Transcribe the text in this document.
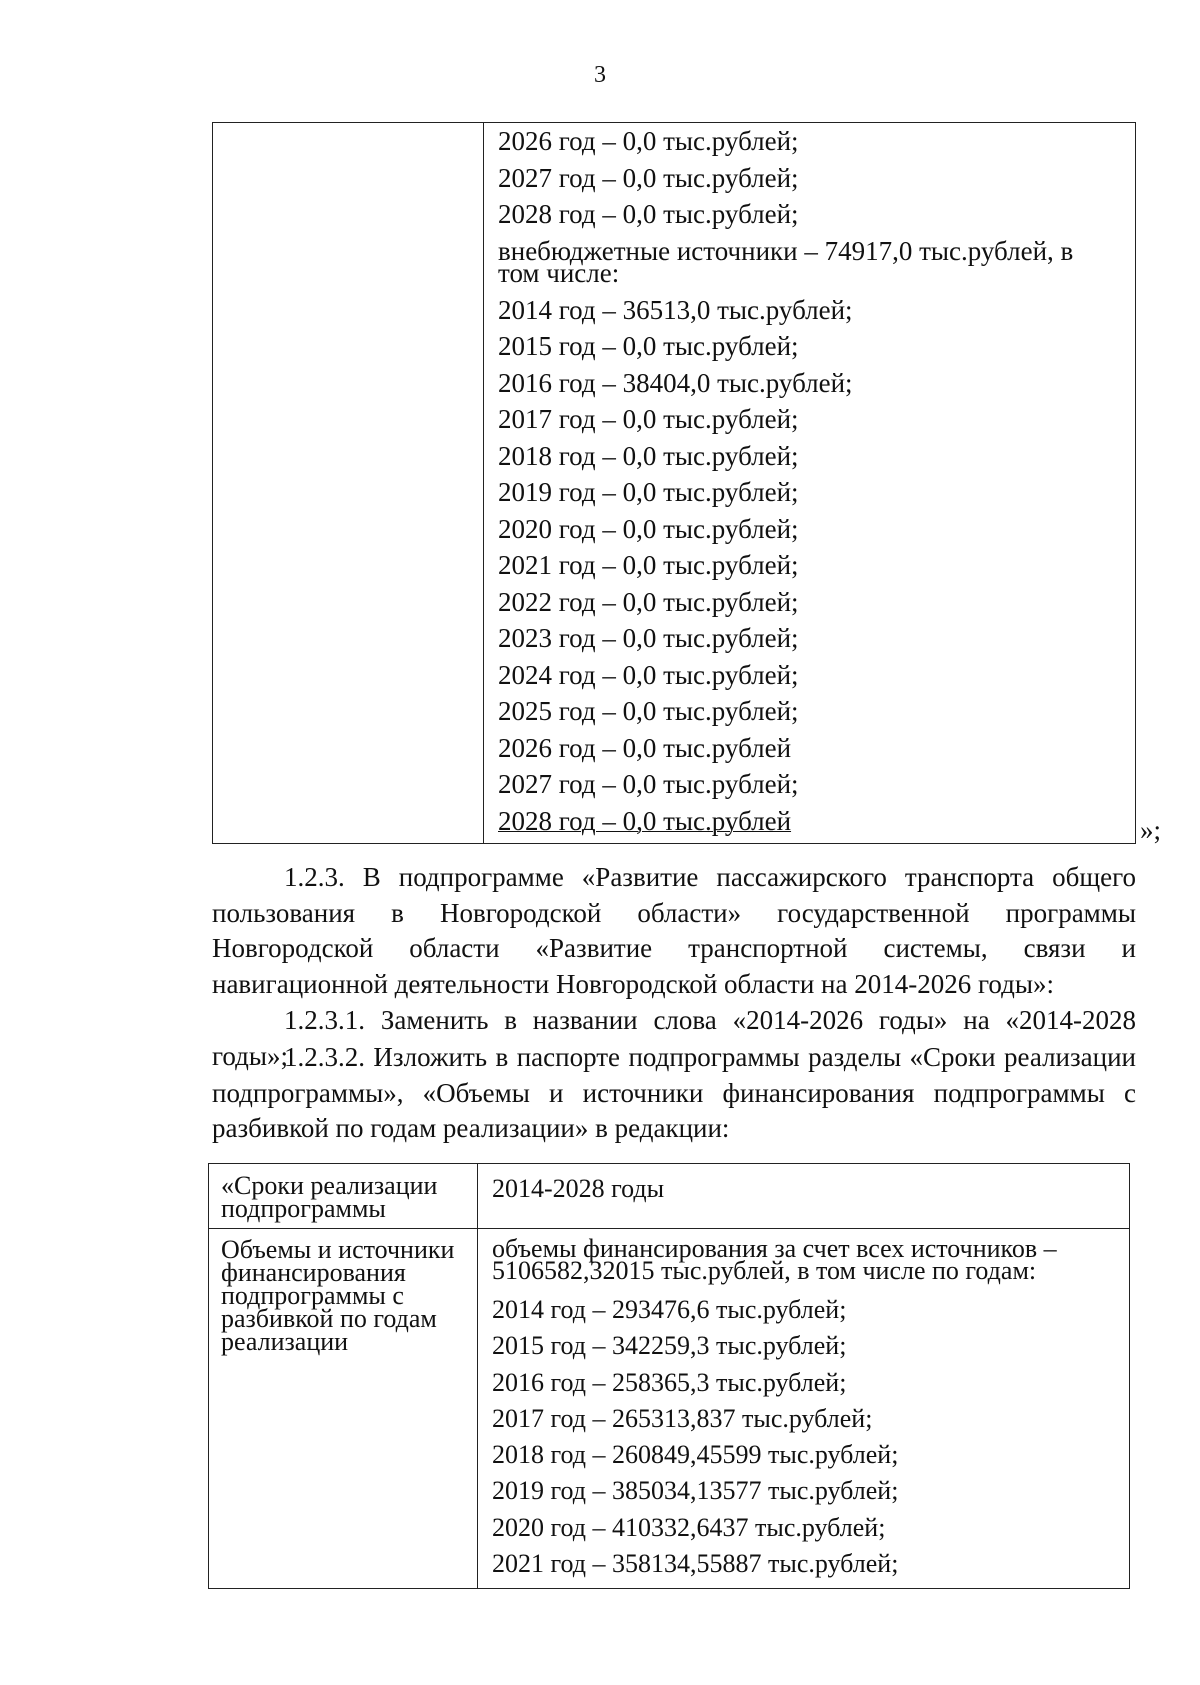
3
2026 год – 0,0 тыс.рублей;
2027 год – 0,0 тыс.рублей;
2028 год – 0,0 тыс.рублей;
внебюджетные источники – 74917,0 тыс.рублей, в том числе:
2014 год – 36513,0 тыс.рублей;
2015 год – 0,0 тыс.рублей;
2016 год – 38404,0 тыс.рублей;
2017 год – 0,0 тыс.рублей;
2018 год – 0,0 тыс.рублей;
2019 год – 0,0 тыс.рублей;
2020 год – 0,0 тыс.рублей;
2021 год – 0,0 тыс.рублей;
2022 год – 0,0 тыс.рублей;
2023 год – 0,0 тыс.рублей;
2024 год – 0,0 тыс.рублей;
2025 год – 0,0 тыс.рублей;
2026 год – 0,0 тыс.рублей
2027 год – 0,0 тыс.рублей;
2028 год – 0,0 тыс.рублей	»;
1.2.3. В подпрограмме «Развитие пассажирского транспорта общего пользования в Новгородской области» государственной программы Новгородской области «Развитие транспортной системы, связи и навигационной деятельности Новгородской области на 2014-2026 годы»:
1.2.3.1. Заменить в названии слова «2014-2026 годы» на «2014-2028 годы»;
1.2.3.2. Изложить в паспорте подпрограммы разделы «Сроки реализации подпрограммы», «Объемы и источники финансирования подпрограммы с разбивкой по годам реализации» в редакции:
«Сроки реализации подпрограммы
2014-2028 годы
Объемы и источники финансирования подпрограммы с разбивкой по годам реализации
объемы финансирования за счет всех источников – 5106582,32015 тыс.рублей, в том числе по годам:
2014 год – 293476,6 тыс.рублей;
2015 год – 342259,3 тыс.рублей;
2016 год – 258365,3 тыс.рублей;
2017 год – 265313,837 тыс.рублей;
2018 год – 260849,45599 тыс.рублей;
2019 год – 385034,13577 тыс.рублей;
2020 год – 410332,6437 тыс.рублей;
2021 год – 358134,55887 тыс.рублей;
